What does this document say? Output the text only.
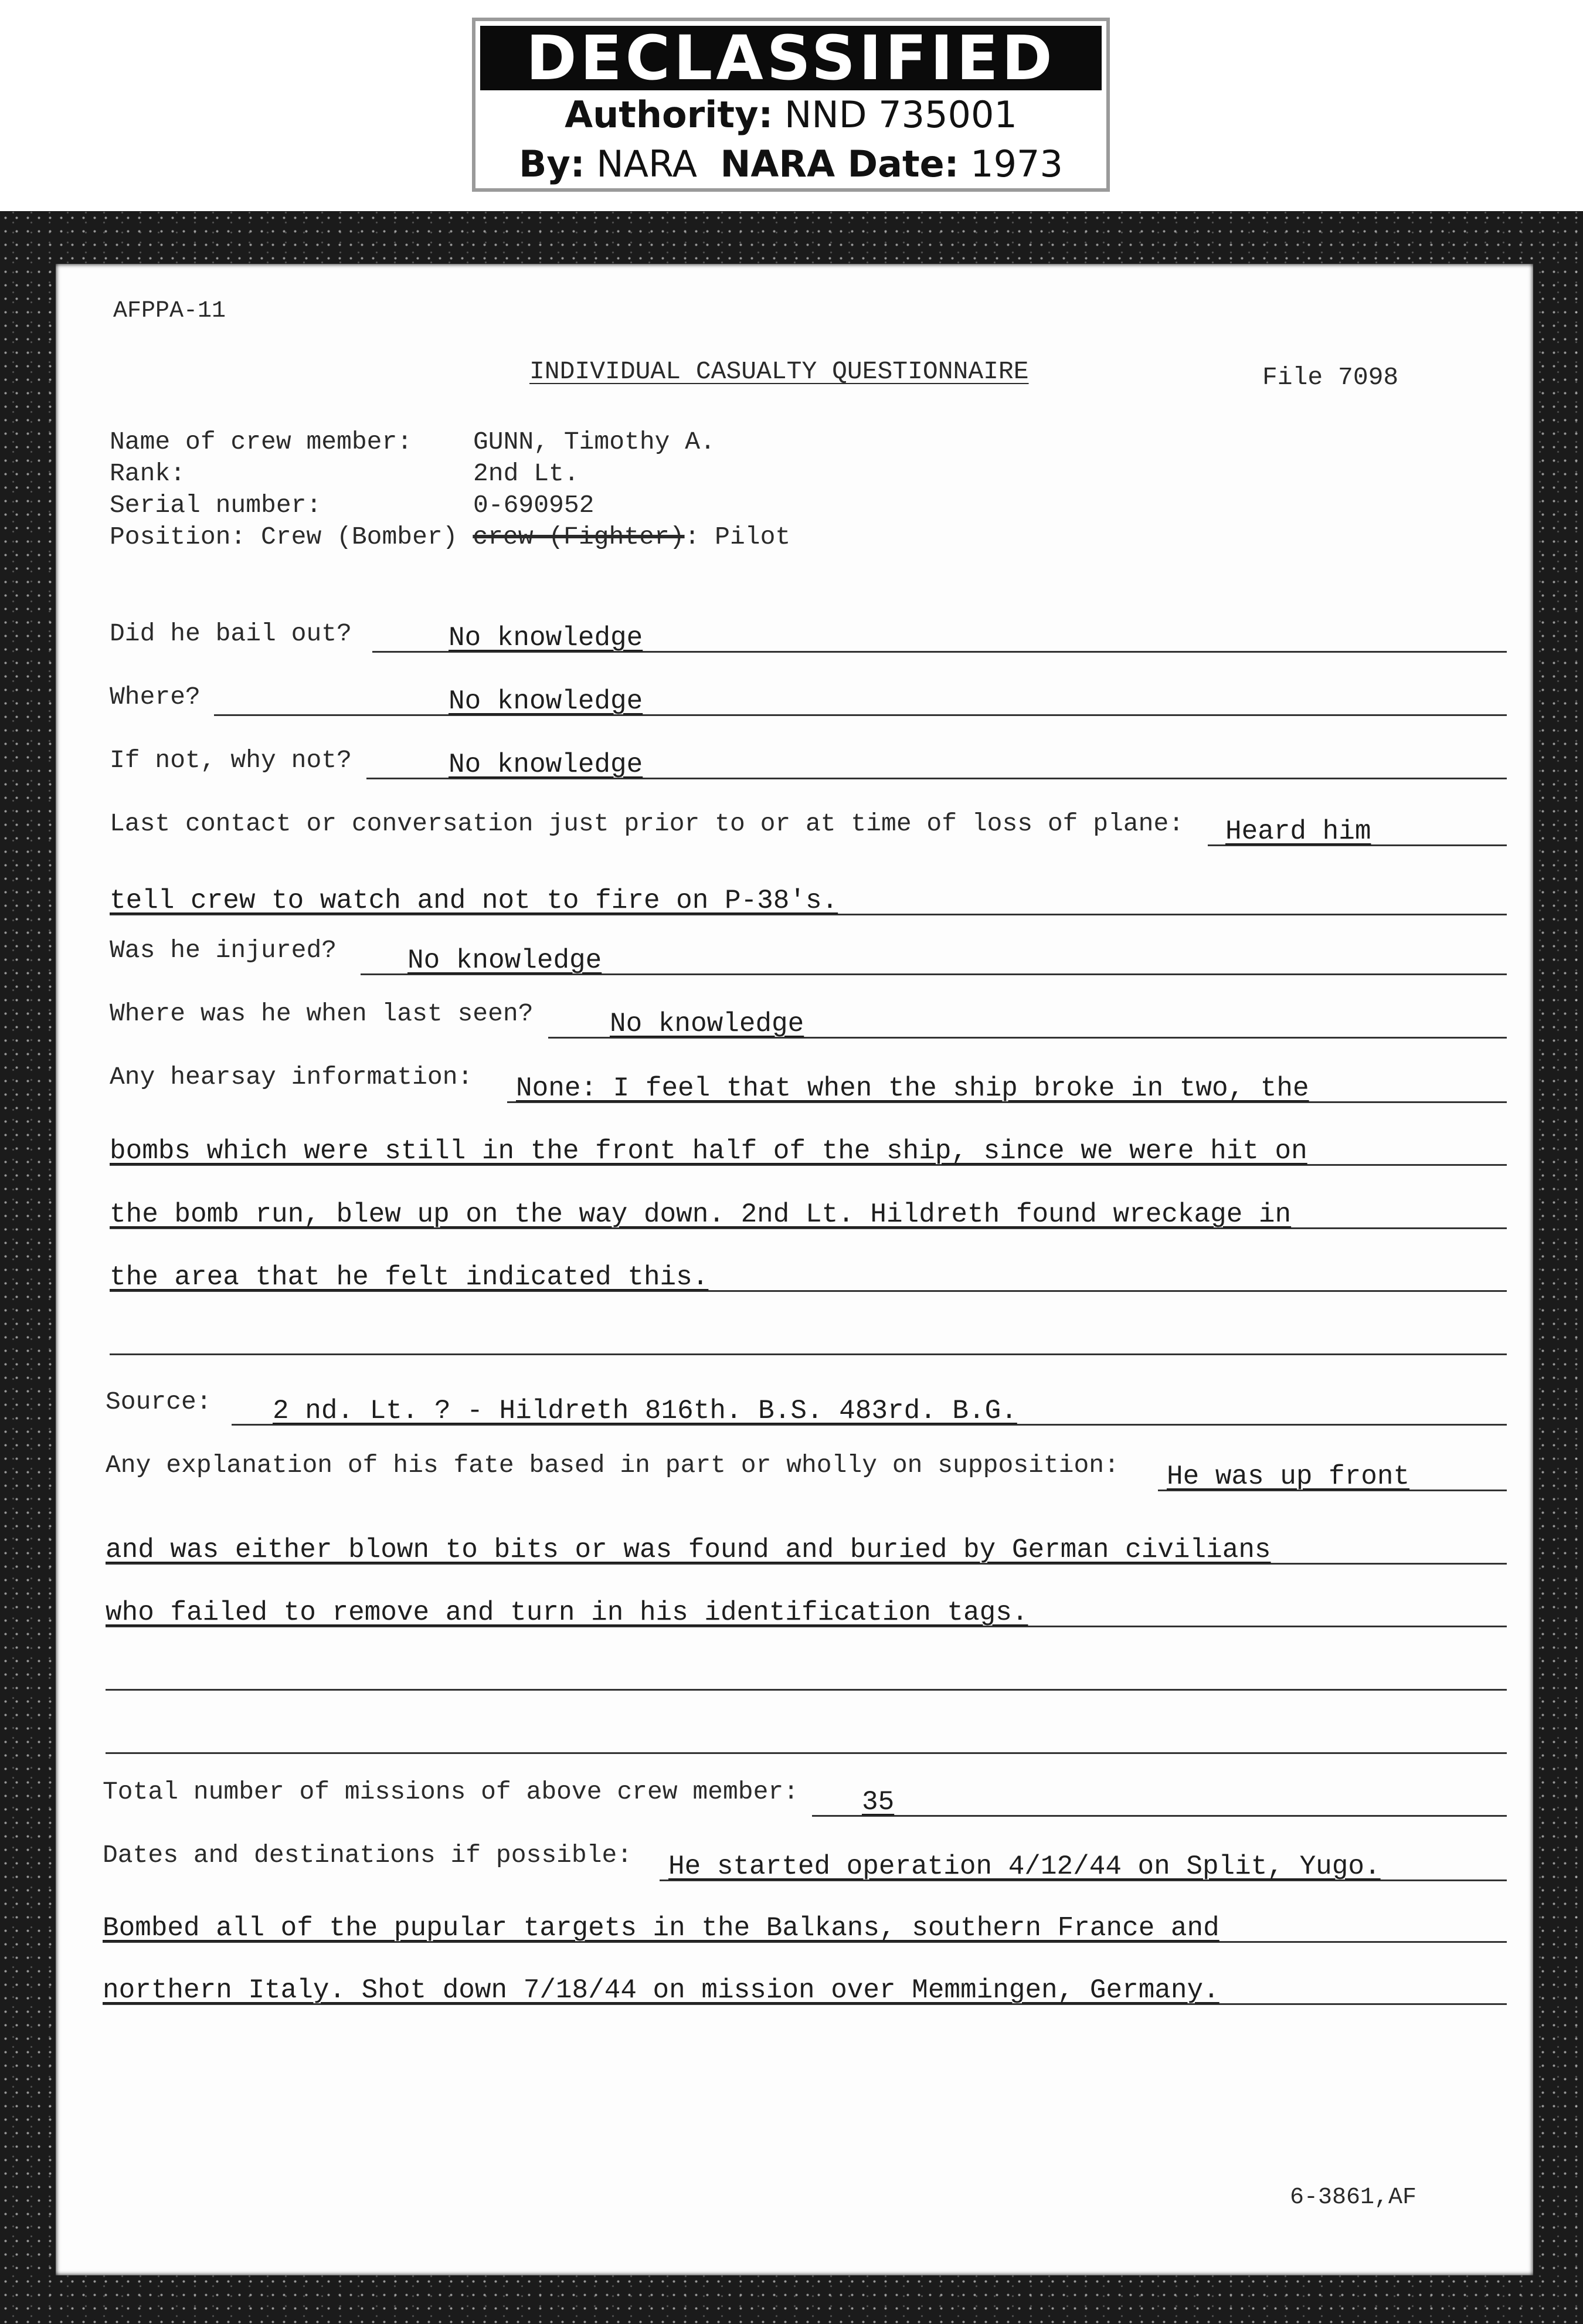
DECLASSIFIED
Authority: NND 735001
By: NARA NARA Date: 1973
AFPPA-11
INDIVIDUAL CASUALTY QUESTIONNAIRE	File 7098
Name of crew member: GUNN, Timothy A.
Rank:	2nd Lt.
Serial number:	0-690952
Position: Crew (Bomber) crew (Fighter): Pilot
Did he bail out?	No knowledge
Where?	No knowledge
If not, why not?	No knowledge
Last contact or conversation just prior to or at time of loss of plane: Heard him
tell crew to watch and not to fire on P-38's.
Was he injured?	No knowledge
Where was he when last seen?	No knowledge
Any hearsay information: None: I feel that when the ship broke in two, the
bombs which were still in the front half of the ship, since we were hit on
the bomb run, blew up on the way down. 2nd Lt. Hildreth found wreckage in
the area that he felt indicated this.
Source: 2 nd. Lt. ? - Hildreth 816th. B.S. 483rd. B.G.
Any explanation of his fate based in part or wholly on supposition: He was up front
and was either blown to bits or was found and buried by German civilians
who failed to remove and turn in his identification tags.
Total number of missions of above crew member: 35
Dates and destinations if possible: He started operation 4/12/44 on Split, Yugo.
Bombed all of the pupular targets in the Balkans, southern France and
northern Italy. Shot down 7/18/44 on mission over Memmingen, Germany.
6-3861,AF
